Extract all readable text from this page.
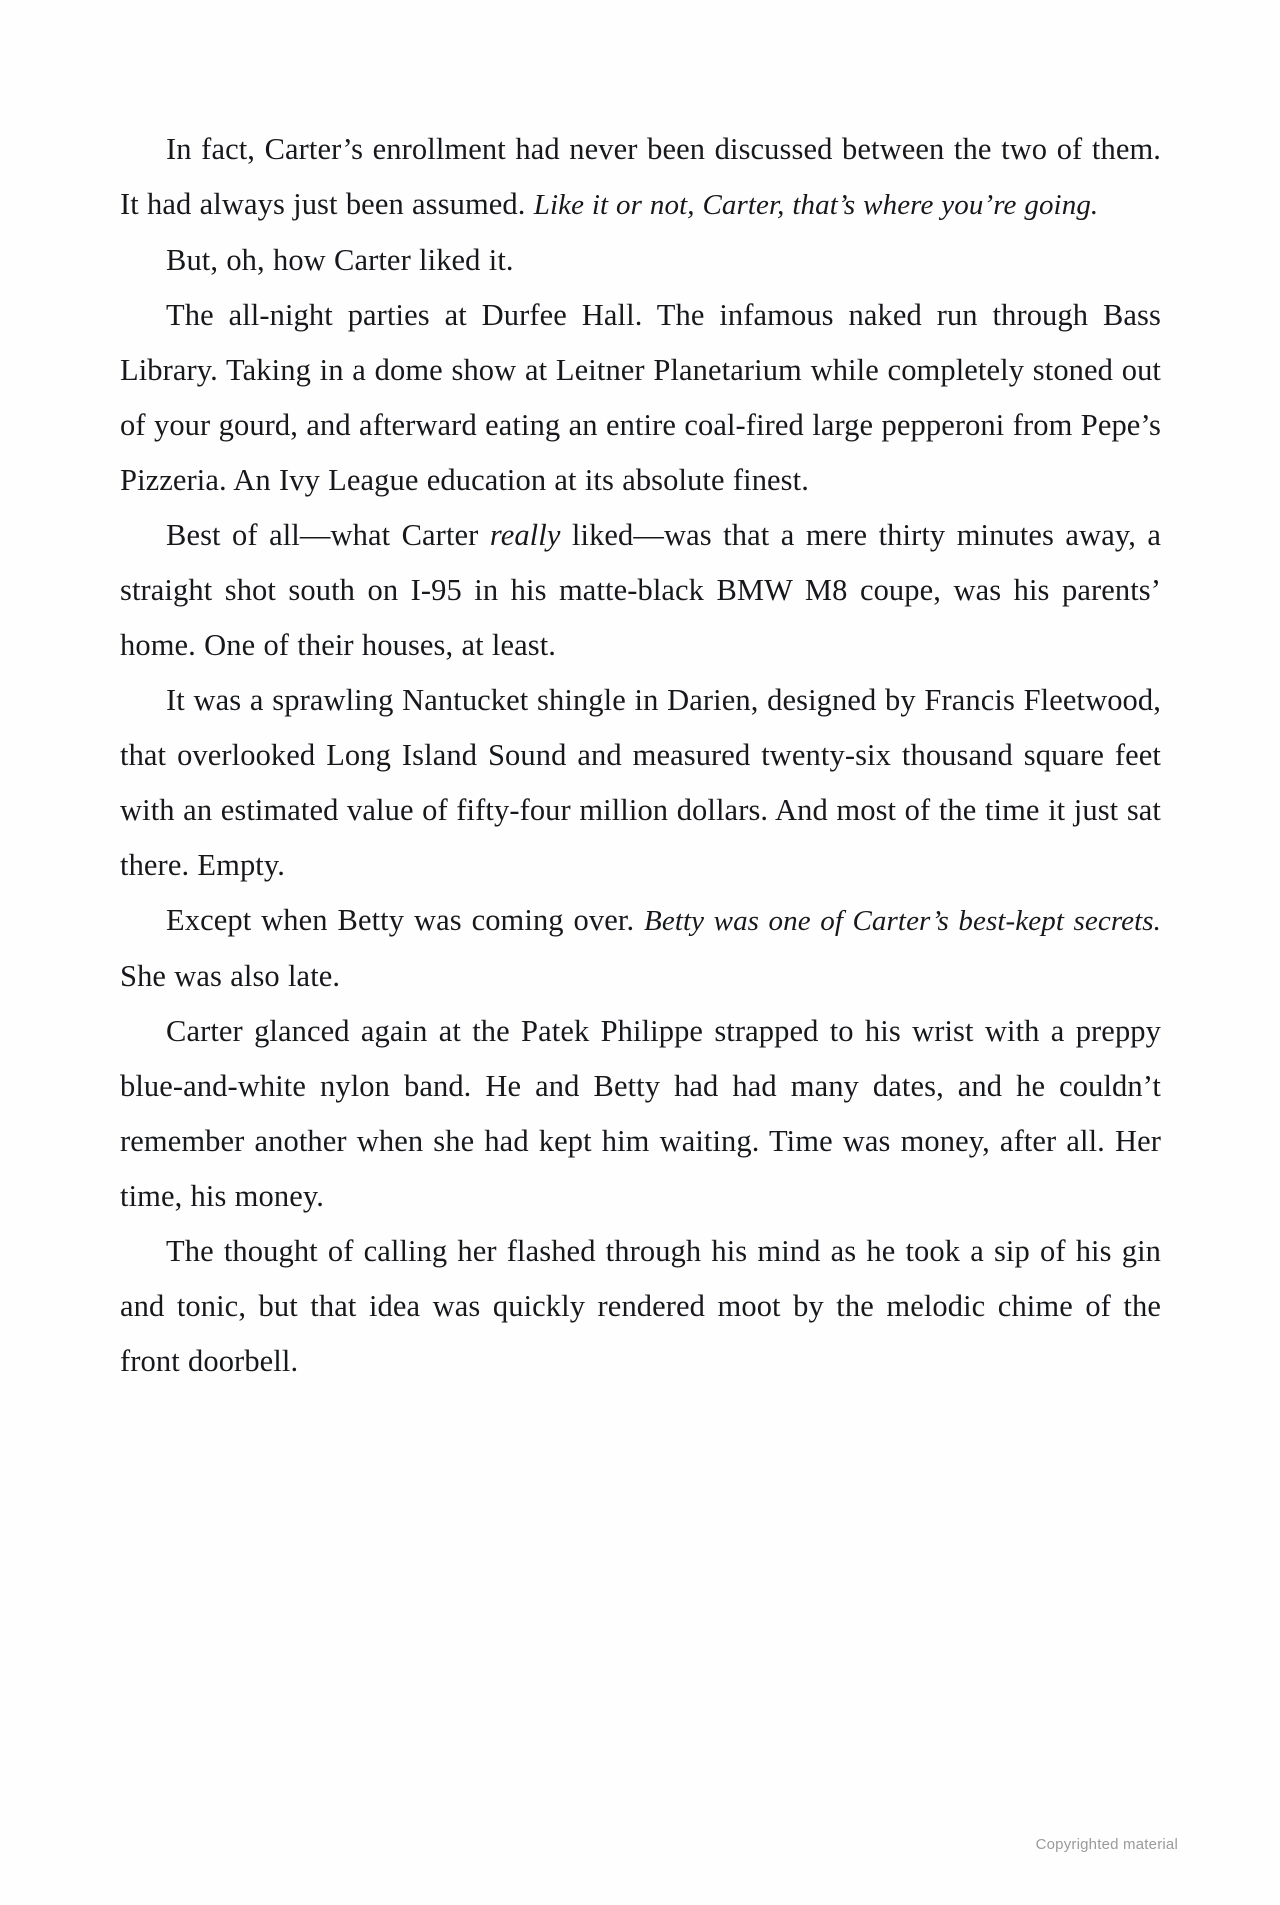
In fact, Carter’s enrollment had never been discussed between the two of them. It had always just been assumed. Like it or not, Carter, that’s where you’re going.

But, oh, how Carter liked it.

The all-night parties at Durfee Hall. The infamous naked run through Bass Library. Taking in a dome show at Leitner Planetarium while completely stoned out of your gourd, and afterward eating an entire coal-fired large pepperoni from Pepe’s Pizzeria. An Ivy League education at its absolute finest.

Best of all—what Carter really liked—was that a mere thirty minutes away, a straight shot south on I-95 in his matte-black BMW M8 coupe, was his parents’ home. One of their houses, at least.

It was a sprawling Nantucket shingle in Darien, designed by Francis Fleetwood, that overlooked Long Island Sound and measured twenty-six thousand square feet with an estimated value of fifty-four million dollars. And most of the time it just sat there. Empty.

Except when Betty was coming over. Betty was one of Carter’s best-kept secrets. She was also late.

Carter glanced again at the Patek Philippe strapped to his wrist with a preppy blue-and-white nylon band. He and Betty had had many dates, and he couldn’t remember another when she had kept him waiting. Time was money, after all. Her time, his money.

The thought of calling her flashed through his mind as he took a sip of his gin and tonic, but that idea was quickly rendered moot by the melodic chime of the front doorbell.

Copyrighted material
